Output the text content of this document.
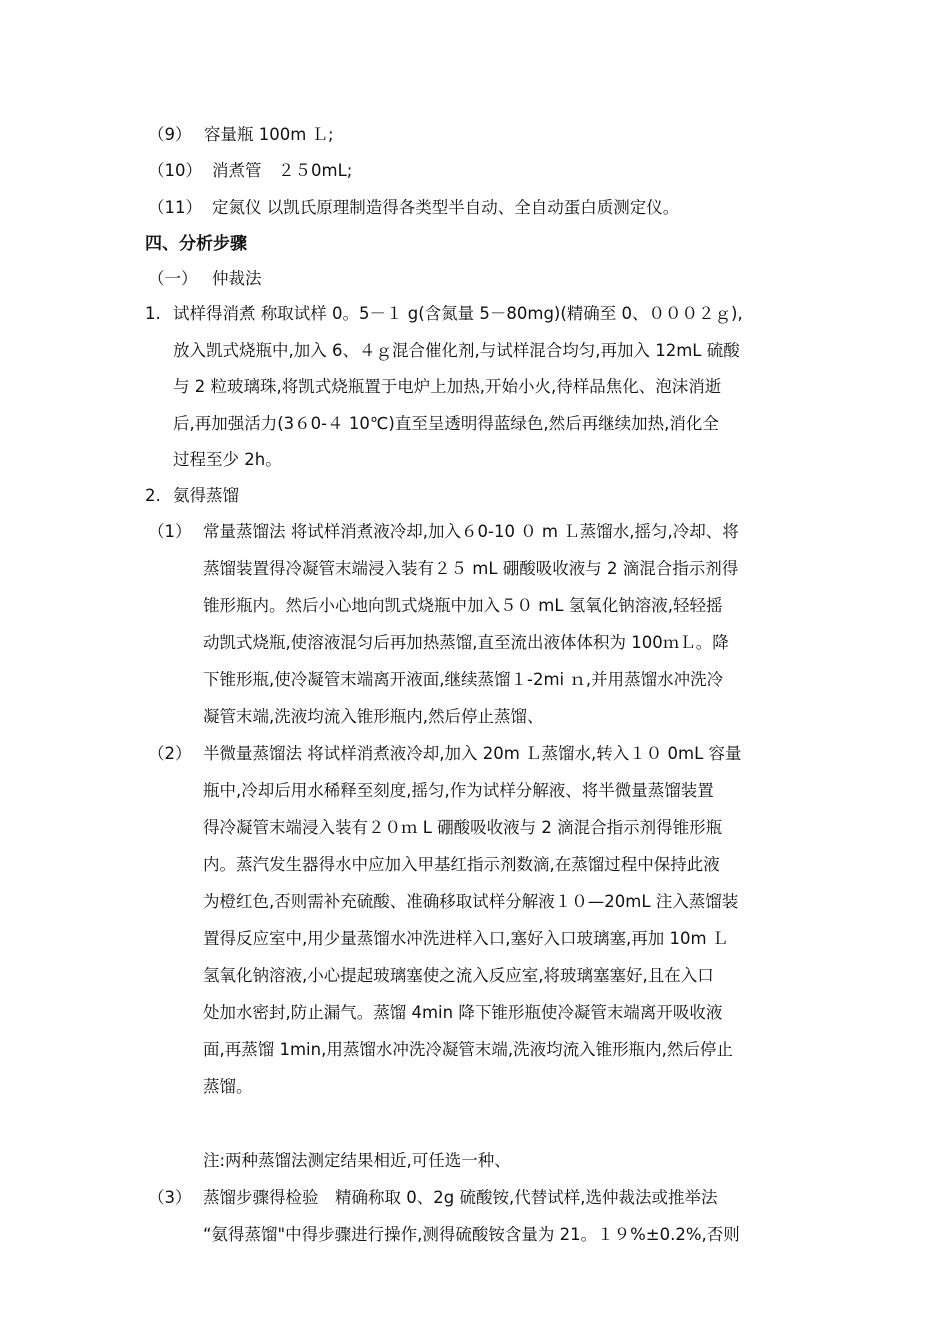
（9） 容量瓶 100m Ｌ;
（10） 消煮管　２５0mL;
（11） 定氮仪 以凯氏原理制造得各类型半自动、全自动蛋白质测定仪。
四、分析步骤
（一） 仲裁法
1. 试样得消煮 称取试样 0。5－１ g(含氮量 5－80mg)(精确至 0、０００２ｇ),
放入凯式烧瓶中,加入 6、４ｇ混合催化剂,与试样混合均匀,再加入 12mL 硫酸
与 2 粒玻璃珠,将凯式烧瓶置于电炉上加热,开始小火,待样品焦化、泡沫消逝
后,再加强活力(3６0-４ 10℃)直至呈透明得蓝绿色,然后再继续加热,消化全
过程至少 2h。
2. 氨得蒸馏
（1） 常量蒸馏法 将试样消煮液冷却,加入６0-10 ０ m Ｌ蒸馏水,摇匀,冷却、将
蒸馏装置得冷凝管末端浸入装有２５ mL 硼酸吸收液与 2 滴混合指示剂得
锥形瓶内。然后小心地向凯式烧瓶中加入５０ mL 氢氧化钠溶液,轻轻摇
动凯式烧瓶,使溶液混匀后再加热蒸馏,直至流出液体体积为 100ｍＬ。降
下锥形瓶,使冷凝管末端离开液面,继续蒸馏１-2mi ｎ,并用蒸馏水冲洗冷
凝管末端,洗液均流入锥形瓶内,然后停止蒸馏、
（2） 半微量蒸馏法 将试样消煮液冷却,加入 20m Ｌ蒸馏水,转入１０ 0mL 容量
瓶中,冷却后用水稀释至刻度,摇匀,作为试样分解液、将半微量蒸馏装置
得冷凝管末端浸入装有２０ｍ L 硼酸吸收液与 2 滴混合指示剂得锥形瓶
内。蒸汽发生器得水中应加入甲基红指示剂数滴,在蒸馏过程中保持此液
为橙红色,否则需补充硫酸、准确移取试样分解液１０—20mL 注入蒸馏装
置得反应室中,用少量蒸馏水冲洗进样入口,塞好入口玻璃塞,再加 10m Ｌ
氢氧化钠溶液,小心提起玻璃塞使之流入反应室,将玻璃塞塞好,且在入口
处加水密封,防止漏气。蒸馏 4min 降下锥形瓶使冷凝管末端离开吸收液
面,再蒸馏 1min,用蒸馏水冲洗冷凝管末端,洗液均流入锥形瓶内,然后停止
蒸馏。
注:两种蒸馏法测定结果相近,可任选一种、
（3） 蒸馏步骤得检验　精确称取 0、2g 硫酸铵,代替试样,选仲裁法或推举法
“氨得蒸馏"中得步骤进行操作,测得硫酸铵含量为 21。１９%±0.2%,否则
